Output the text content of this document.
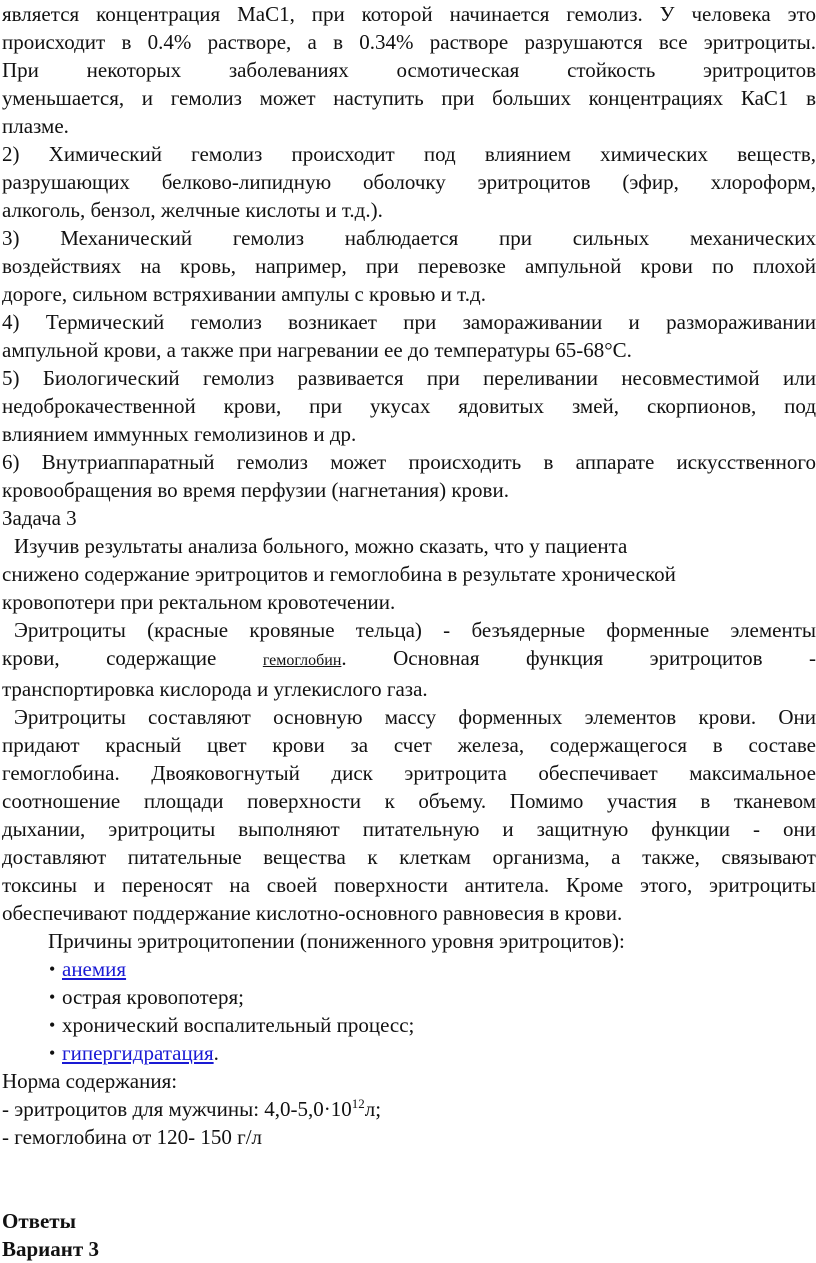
является концентрация МаС1, при которой начинается гемолиз. У человека это
происходит в 0.4% растворе, а в 0.34% растворе разрушаются все эритроциты.
При некоторых заболеваниях осмотическая стойкость эритроцитов
уменьшается, и гемолиз может наступить при больших концентрациях КаС1 в
плазме.

2) Химический гемолиз происходит под влиянием химических веществ,
разрушающих белково-липидную оболочку эритроцитов (эфир, хлороформ,
алкоголь, бензол, желчные кислоты и т.д.).

3) Механический гемолиз наблюдается при сильных механических
воздействиях на кровь, например, при перевозке ампульной крови по плохой
дороге, сильном встряхивании ампулы с кровью и т.д.

4) Термический гемолиз возникает при замораживании и размораживании
ампульной крови, а также при нагревании ее до температуры 65-68°С.

5) Биологический гемолиз развивается при переливании несовместимой или
недоброкачественной крови, при укусах ядовитых змей, скорпионов, под
влиянием иммунных гемолизинов и др.

6) Внутриаппаратный гемолиз может происходить в аппарате искусственного
кровообращения во время перфузии (нагнетания) крови.

Задача 3

Изучив результаты анализа больного, можно сказать, что у пациента
снижено содержание эритроцитов и гемоглобина в результате хронической
кровопотери при ректальном кровотечении.

Эритроциты (красные кровяные тельца) - безъядерные форменные элементы
крови, содержащие гемоглобин. Основная функция эритроцитов -
транспортировка кислорода и углекислого газа.

Эритроциты составляют основную массу форменных элементов крови. Они
придают красный цвет крови за счет железа, содержащегося в составе
гемоглобина. Двояковогнутый диск эритроцита обеспечивает максимальное
соотношение площади поверхности к объему. Помимо участия в тканевом
дыхании, эритроциты выполняют питательную и защитную функции - они
доставляют питательные вещества к клеткам организма, а также, связывают
токсины и переносят на своей поверхности антитела. Кроме этого, эритроциты
обеспечивают поддержание кислотно-основного равновесия в крови.

Причины эритроцитопении (пониженного уровня эритроцитов):

• анемия
• острая кровопотеря;
• хронический воспалительный процесс;
• гипергидратация.

Норма содержания:

- эритроцитов для мужчины: $4,0-5,0\cdot 10^{12}л$;

- гемоглобина от 120- 150 г/л

Ответы

Вариант 3
